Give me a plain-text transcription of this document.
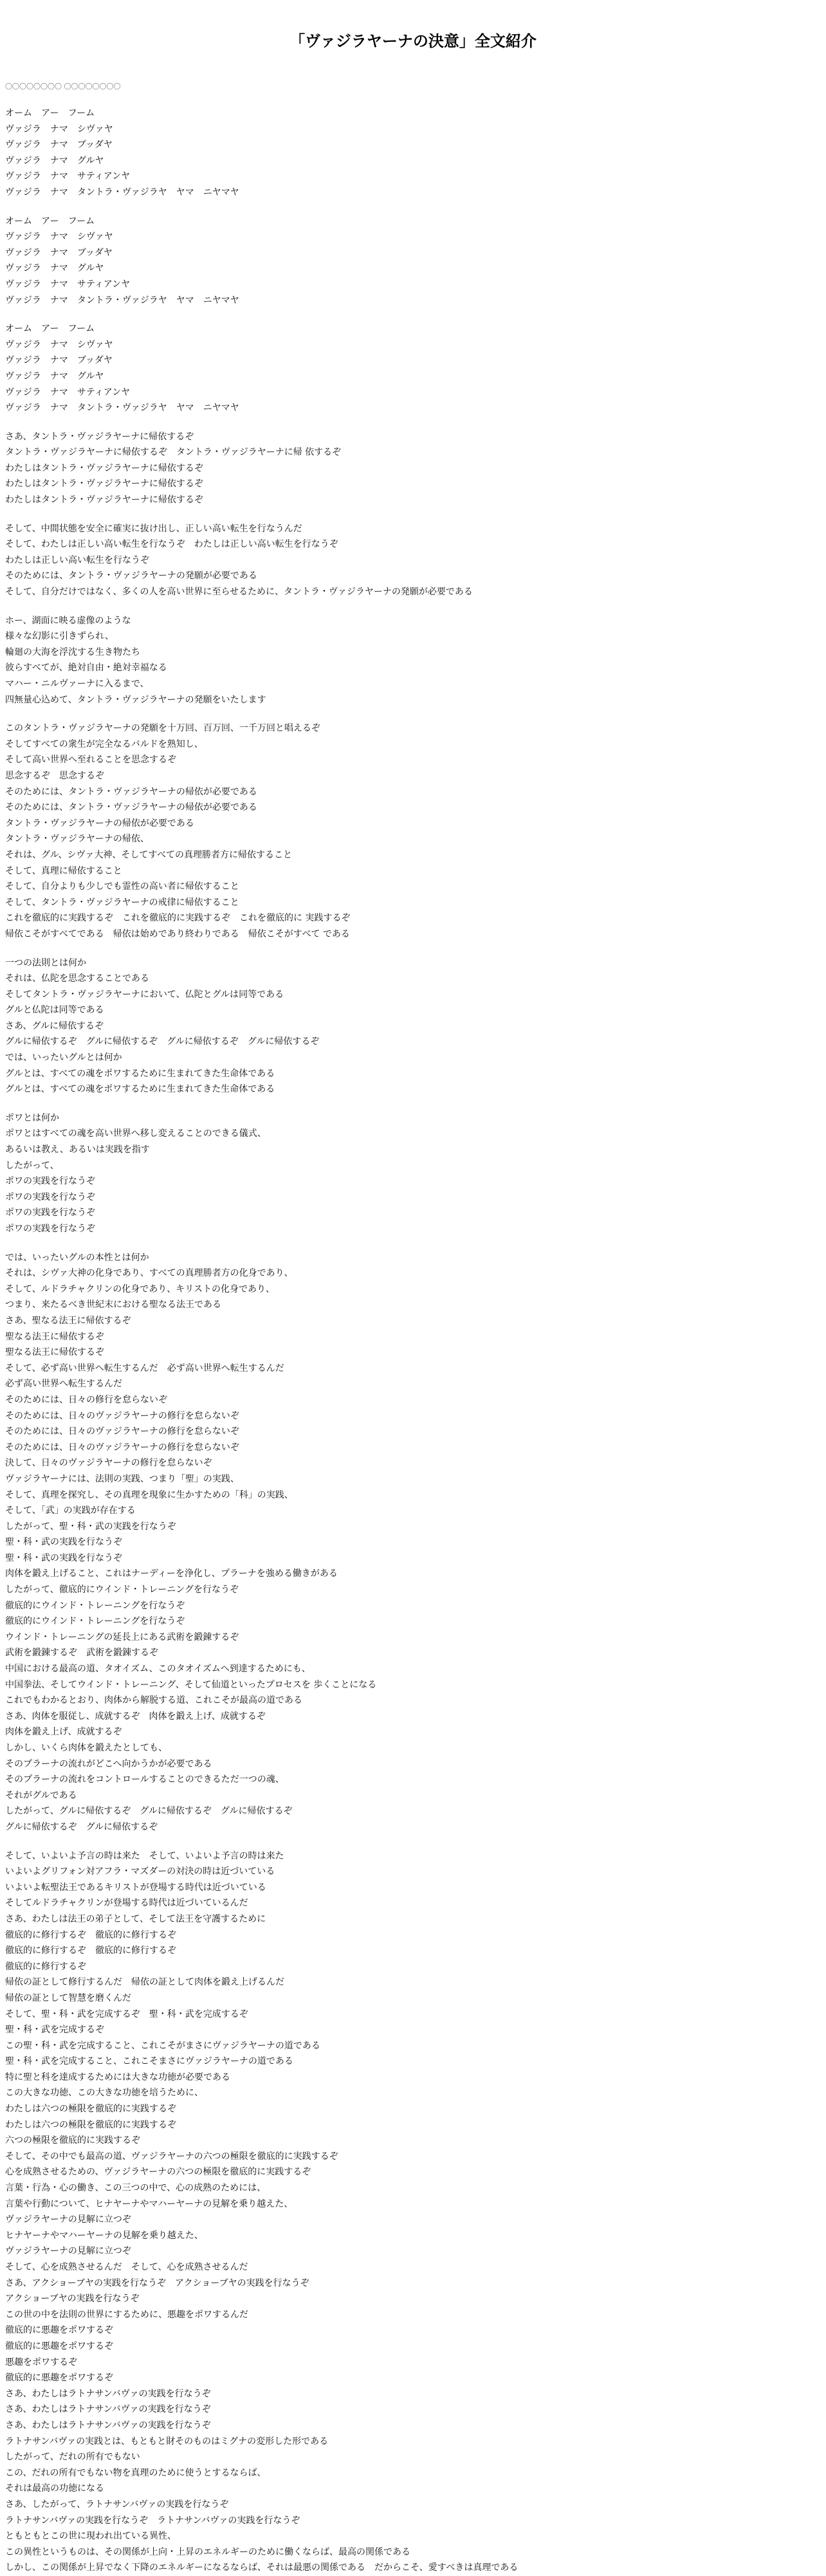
「ヴァジラヤーナの決意」全文紹介
〇〇〇〇〇〇〇〇 〇〇〇〇〇〇〇〇
オーム　アー　フーム
ヴァジラ　ナマ　シヴァヤ
ヴァジラ　ナマ　ブッダヤ
ヴァジラ　ナマ　グルヤ
ヴァジラ　ナマ　サティアンヤ
ヴァジラ　ナマ　タントラ・ヴァジラヤ　ヤマ　ニヤマヤ
オーム　アー　フーム
ヴァジラ　ナマ　シヴァヤ
ヴァジラ　ナマ　ブッダヤ
ヴァジラ　ナマ　グルヤ
ヴァジラ　ナマ　サティアンヤ
ヴァジラ　ナマ　タントラ・ヴァジラヤ　ヤマ　ニヤマヤ
オーム　アー　フーム
ヴァジラ　ナマ　シヴァヤ
ヴァジラ　ナマ　ブッダヤ
ヴァジラ　ナマ　グルヤ
ヴァジラ　ナマ　サティアンヤ
ヴァジラ　ナマ　タントラ・ヴァジラヤ　ヤマ　ニヤマヤ
さあ、タントラ・ヴァジラヤーナに帰依するぞ
タントラ・ヴァジラヤーナに帰依するぞ　タントラ・ヴァジラヤーナに帰 依するぞ
わたしはタントラ・ヴァジラヤーナに帰依するぞ
わたしはタントラ・ヴァジラヤーナに帰依するぞ
わたしはタントラ・ヴァジラヤーナに帰依するぞ
そして、中間状態を安全に確実に抜け出し、正しい高い転生を行なうんだ
そして、わたしは正しい高い転生を行なうぞ　わたしは正しい高い転生を行なうぞ
わたしは正しい高い転生を行なうぞ
そのためには、タントラ・ヴァジラヤーナの発願が必要である
そして、自分だけではなく、多くの人を高い世界に至らせるために、タントラ・ヴァジラヤーナの発願が必要である
ホー、湖面に映る虚像のような
様々な幻影に引きずられ、
輪廻の大海を浮沈する生き物たち
彼らすべてが、絶対自由・絶対幸福なる
マハー・ニルヴァーナに入るまで、
四無量心込めて、タントラ・ヴァジラヤーナの発願をいたします
このタントラ・ヴァジラヤーナの発願を十万回、百万回、一千万回と唱えるぞ
そしてすべての衆生が完全なるバルドを熟知し、
そして高い世界へ至れることを思念するぞ
思念するぞ　思念するぞ
そのためには、タントラ・ヴァジラヤーナの帰依が必要である
そのためには、タントラ・ヴァジラヤーナの帰依が必要である
タントラ・ヴァジラヤーナの帰依が必要である
タントラ・ヴァジラヤーナの帰依、
それは、グル、シヴァ大神、そしてすべての真理勝者方に帰依すること
そして、真理に帰依すること
そして、自分よりも少しでも霊性の高い者に帰依すること
そして、タントラ・ヴァジラヤーナの戒律に帰依すること
これを徹底的に実践するぞ　これを徹底的に実践するぞ　これを徹底的に 実践するぞ
帰依こそがすべてである　帰依は始めであり終わりである　帰依こそがすべて である
一つの法則とは何か
それは、仏陀を思念することである
そしてタントラ・ヴァジラヤーナにおいて、仏陀とグルは同等である
グルと仏陀は同等である
さあ、グルに帰依するぞ
グルに帰依するぞ　グルに帰依するぞ　グルに帰依するぞ　グルに帰依するぞ
では、いったいグルとは何か
グルとは、すべての魂をポワするために生まれてきた生命体である
グルとは、すべての魂をポワするために生まれてきた生命体である
ポワとは何か
ポワとはすべての魂を高い世界へ移し変えることのできる儀式、
あるいは教え、あるいは実践を指す
したがって、
ポワの実践を行なうぞ
ポワの実践を行なうぞ
ポワの実践を行なうぞ
ポワの実践を行なうぞ
では、いったいグルの本性とは何か
それは、シヴァ大神の化身であり、すべての真理勝者方の化身であり、
そして、ルドラチャクリンの化身であり、キリストの化身であり、
つまり、来たるべき世紀末における聖なる法王である
さあ、聖なる法王に帰依するぞ
聖なる法王に帰依するぞ
聖なる法王に帰依するぞ
そして、必ず高い世界へ転生するんだ　必ず高い世界へ転生するんだ
必ず高い世界へ転生するんだ
そのためには、日々の修行を怠らないぞ
そのためには、日々のヴァジラヤーナの修行を怠らないぞ
そのためには、日々のヴァジラヤーナの修行を怠らないぞ
そのためには、日々のヴァジラヤーナの修行を怠らないぞ
決して、日々のヴァジラヤーナの修行を怠らないぞ
ヴァジラヤーナには、法則の実践、つまり「聖」の実践、
そして、真理を探究し、その真理を現象に生かすための「科」の実践、
そして、「武」の実践が存在する
したがって、聖・科・武の実践を行なうぞ
聖・科・武の実践を行なうぞ
聖・科・武の実践を行なうぞ
肉体を鍛え上げること、これはナーディーを浄化し、プラーナを強める働きがある
したがって、徹底的にウインド・トレーニングを行なうぞ
徹底的にウインド・トレーニングを行なうぞ
徹底的にウインド・トレーニングを行なうぞ
ウインド・トレーニングの延長上にある武術を鍛錬するぞ
武術を鍛錬するぞ　武術を鍛錬するぞ
中国における最高の道、タオイズム、このタオイズムへ到達するためにも、
中国拳法、そしてウインド・トレーニング、そして仙道といったプロセスを 歩くことになる
これでもわかるとおり、肉体から解脱する道、これこそが最高の道である
さあ、肉体を服従し、成就するぞ　肉体を鍛え上げ、成就するぞ
肉体を鍛え上げ、成就するぞ
しかし、いくら肉体を鍛えたとしても、
そのプラーナの流れがどこへ向かうかが必要である
そのプラーナの流れをコントロールすることのできるただ一つの魂、
それがグルである
したがって、グルに帰依するぞ　グルに帰依するぞ　グルに帰依するぞ
グルに帰依するぞ　グルに帰依するぞ
そして、いよいよ予言の時は来た　そして、いよいよ予言の時は来た
いよいよグリフォン対アフラ・マズダーの対決の時は近づいている
いよいよ転聖法王であるキリストが登場する時代は近づいている
そしてルドラチャクリンが登場する時代は近づいているんだ
さあ、わたしは法王の弟子として、そして法王を守護するために
徹底的に修行するぞ　徹底的に修行するぞ
徹底的に修行するぞ　徹底的に修行するぞ
徹底的に修行するぞ
帰依の証として修行するんだ　帰依の証として肉体を鍛え上げるんだ
帰依の証として智慧を磨くんだ
そして、聖・科・武を完成するぞ　聖・科・武を完成するぞ
聖・科・武を完成するぞ
この聖・科・武を完成すること、これこそがまさにヴァジラヤーナの道である
聖・科・武を完成すること、これこそまさにヴァジラヤーナの道である
特に聖と科を達成するためには大きな功徳が必要である
この大きな功徳、この大きな功徳を培うために、
わたしは六つの極限を徹底的に実践するぞ
わたしは六つの極限を徹底的に実践するぞ
六つの極限を徹底的に実践するぞ
そして、その中でも最高の道、ヴァジラヤーナの六つの極限を徹底的に実践するぞ
心を成熟させるための、ヴァジラヤーナの六つの極限を徹底的に実践するぞ
言葉・行為・心の働き、この三つの中で、心の成熟のためには、
言葉や行動について、ヒナヤーナやマハーヤーナの見解を乗り越えた、
ヴァジラヤーナの見解に立つぞ
ヒナヤーナやマハーヤーナの見解を乗り越えた、
ヴァジラヤーナの見解に立つぞ
そして、心を成熟させるんだ　そして、心を成熟させるんだ
さあ、アクショーブヤの実践を行なうぞ　アクショーブヤの実践を行なうぞ
アクショーブヤの実践を行なうぞ
この世の中を法則の世界にするために、悪趣をポワするんだ
徹底的に悪趣をポワするぞ
徹底的に悪趣をポワするぞ
悪趣をポワするぞ
徹底的に悪趣をポワするぞ
さあ、わたしはラトナサンバヴァの実践を行なうぞ
さあ、わたしはラトナサンバヴァの実践を行なうぞ
さあ、わたしはラトナサンバヴァの実践を行なうぞ
ラトナサンバヴァの実践とは、もともと財そのものはミグナの変形した形である
したがって、だれの所有でもない
この、だれの所有でもない物を真理のために使うとするならば、
それは最高の功徳になる
さあ、したがって、ラトナサンバヴァの実践を行なうぞ
ラトナサンバヴァの実践を行なうぞ　ラトナサンバヴァの実践を行なうぞ
ともともとこの世に現われ出ている異性、
この異性というものは、その関係が上向・上昇のエネルギーのために働くならば、最高の関係である
しかし、この関係が上昇でなく下降のエネルギーになるならば、それは最悪の関係である　だからこそ、愛すべきは真理である
